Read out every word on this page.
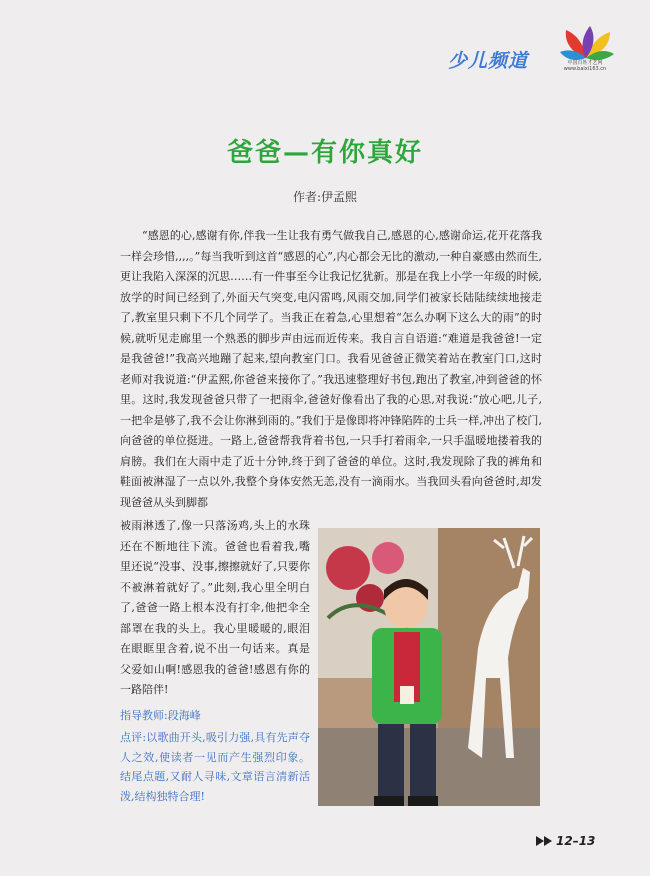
少儿频道	中国百姓才艺网 www.baixi163.cn
爸爸—有你真好
作者:伊孟熙

“感恩的心,感谢有你,伴我一生让我有勇气做我自己,感恩的心,感谢命运,花开花落我一样会珍惜,,,,。”每当我听到这首“感恩的心”,内心都会无比的激动,一种自豪感由然而生,更让我陷入深深的沉思……有一件事至今让我记忆犹新。那是在我上小学一年级的时候,放学的时间已经到了,外面天气突变,电闪雷鸣,风雨交加,同学们被家长陆陆续续地接走了,教室里只剩下不几个同学了。当我正在着急,心里想着“怎么办啊下这么大的雨”的时候,就听见走廊里一个熟悉的脚步声由远而近传来。我自言自语道:“难道是我爸爸!一定是我爸爸!”我高兴地蹦了起来,望向教室门口。我看见爸爸正微笑着站在教室门口,这时老师对我说道:“伊孟熙,你爸爸来接你了。”我迅速整理好书包,跑出了教室,冲到爸爸的怀里。这时,我发现爸爸只带了一把雨伞,爸爸好像看出了我的心思,对我说:“放心吧,儿子,一把伞是够了,我不会让你淋到雨的。”我们于是像即将冲锋陷阵的士兵一样,冲出了校门,向爸爸的单位挺进。一路上,爸爸帮我背着书包,一只手打着雨伞,一只手温暖地搂着我的肩膀。我们在大雨中走了近十分钟,终于到了爸爸的单位。这时,我发现除了我的裤角和鞋面被淋湿了一点以外,我整个身体安然无恙,没有一滴雨水。当我回头看向爸爸时,却发现爸爸从头到脚都

被雨淋透了,像一只落汤鸡,头上的水珠还在不断地往下流。爸爸也看着我,嘴里还说“没事、没事,擦擦就好了,只要你不被淋着就好了。”此刻,我心里全明白了,爸爸一路上根本没有打伞,他把伞全部罩在我的头上。我心里暖暖的,眼泪在眼眶里含着,说不出一句话来。真是父爱如山啊!感恩我的爸爸!感恩有你的一路陪伴!

指导教师:段海峰
点评:以歌曲开头,吸引力强,具有先声夺人之效,使读者一见而产生强烈印象。结尾点题,又耐人寻味,文章语言清新活泼,结构独特合理!
12–13
